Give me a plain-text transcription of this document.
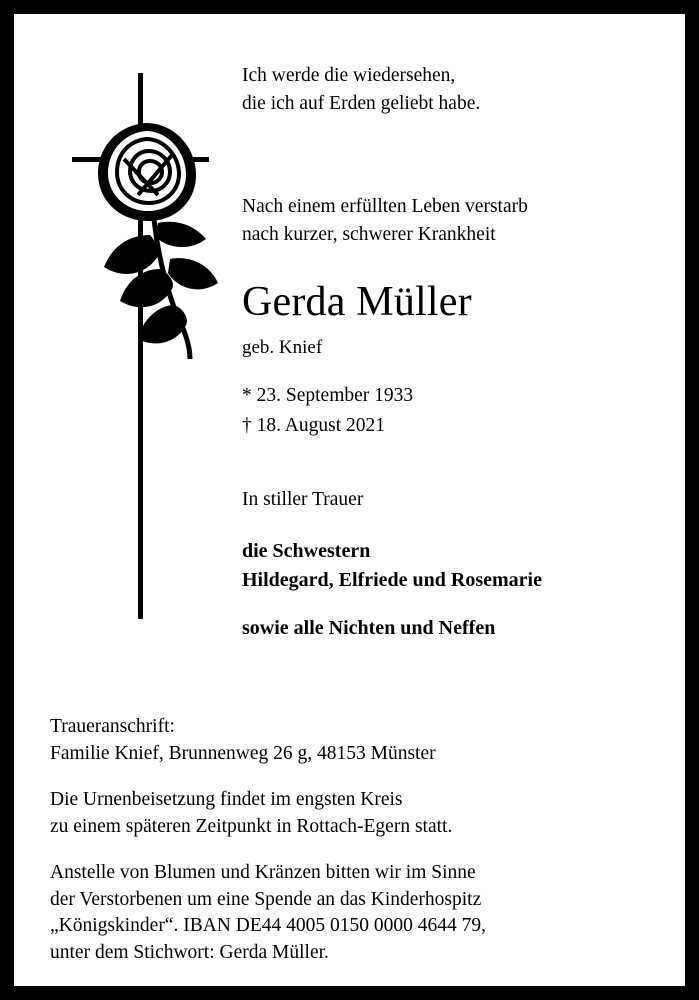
Ich werde die wiedersehen,
die ich auf Erden geliebt habe.
Nach einem erfüllten Leben verstarb
nach kurzer, schwerer Krankheit

Gerda Müller

geb. Knief

* 23. September 1933
† 18. August 2021

In stiller Trauer

die Schwestern
Hildegard, Elfriede und Rosemarie

sowie alle Nichten und Neffen

Traueranschrift:

Familie Knief, Brunnenweg 26 g, 48153 Münster

Die Urnenbeisetzung findet im engsten Kreis

zu einem späteren Zeitpunkt in Rottach-Egern statt.

Anstelle von Blumen und Kränzen bitten wir im Sinne

der Verstorbenen um eine Spende an das Kinderhospitz

„Königskinder“. IBAN DE44 4005 0150 0000 4644 79,

unter dem Stichwort: Gerda Müller.
